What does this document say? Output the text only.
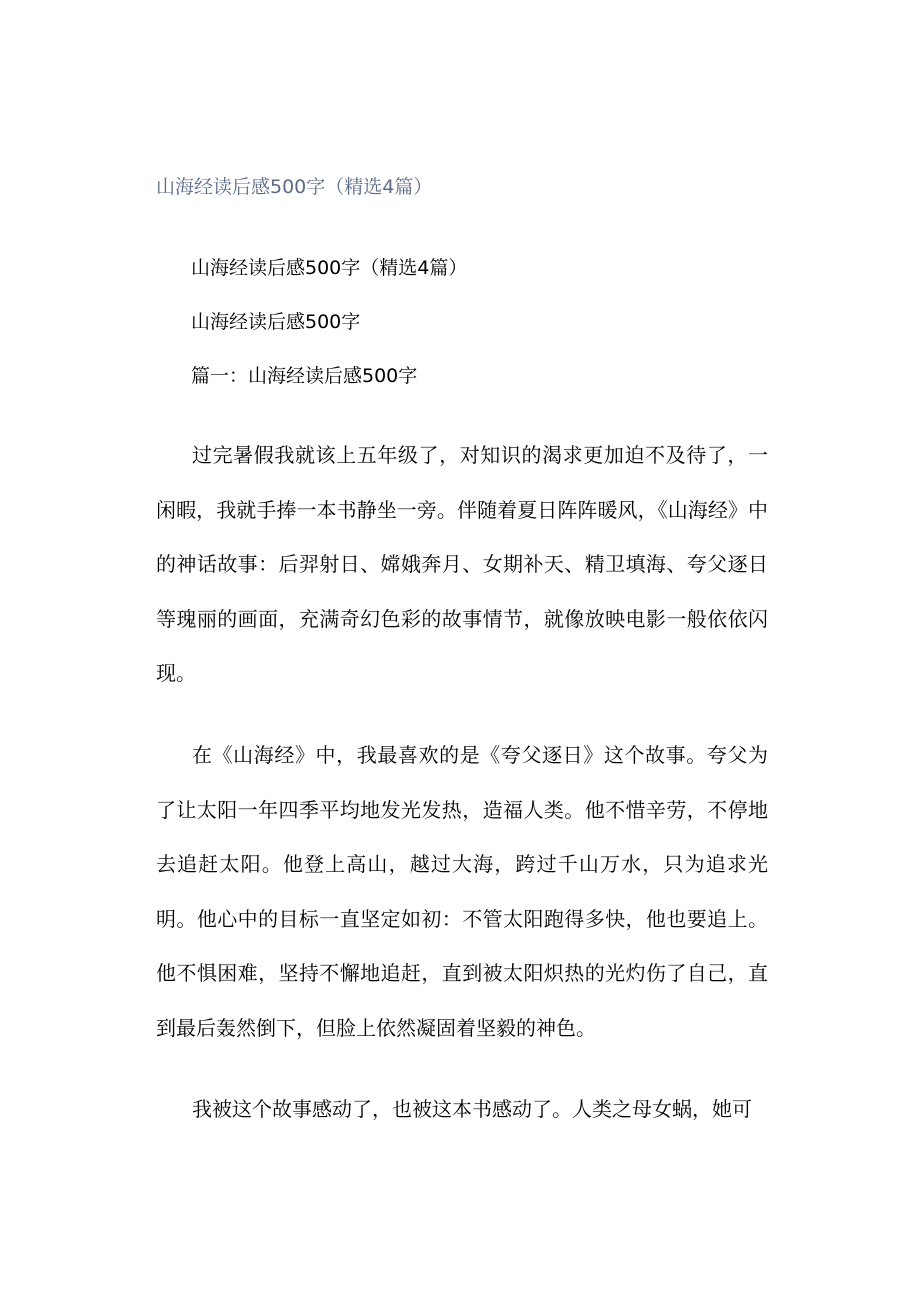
山海经读后感500字（精选4篇）
山海经读后感500字（精选4篇）
山海经读后感500字
篇一：山海经读后感500字

过完暑假我就该上五年级了，对知识的渴求更加迫不及待了，一闲暇，我就手捧一本书静坐一旁。伴随着夏日阵阵暖风，《山海经》中的神话故事：后羿射日、嫦娥奔月、女期补天、精卫填海、夸父逐日等瑰丽的画面，充满奇幻色彩的故事情节，就像放映电影一般依依闪现。

在《山海经》中，我最喜欢的是《夸父逐日》这个故事。夸父为了让太阳一年四季平均地发光发热，造福人类。他不惜辛劳，不停地去追赶太阳。他登上高山，越过大海，跨过千山万水，只为追求光明。他心中的目标一直坚定如初：不管太阳跑得多快，他也要追上。他不惧困难，坚持不懈地追赶，直到被太阳炽热的光灼伤了自己，直到最后轰然倒下，但脸上依然凝固着坚毅的神色。

我被这个故事感动了，也被这本书感动了。人类之母女蜗，她可
